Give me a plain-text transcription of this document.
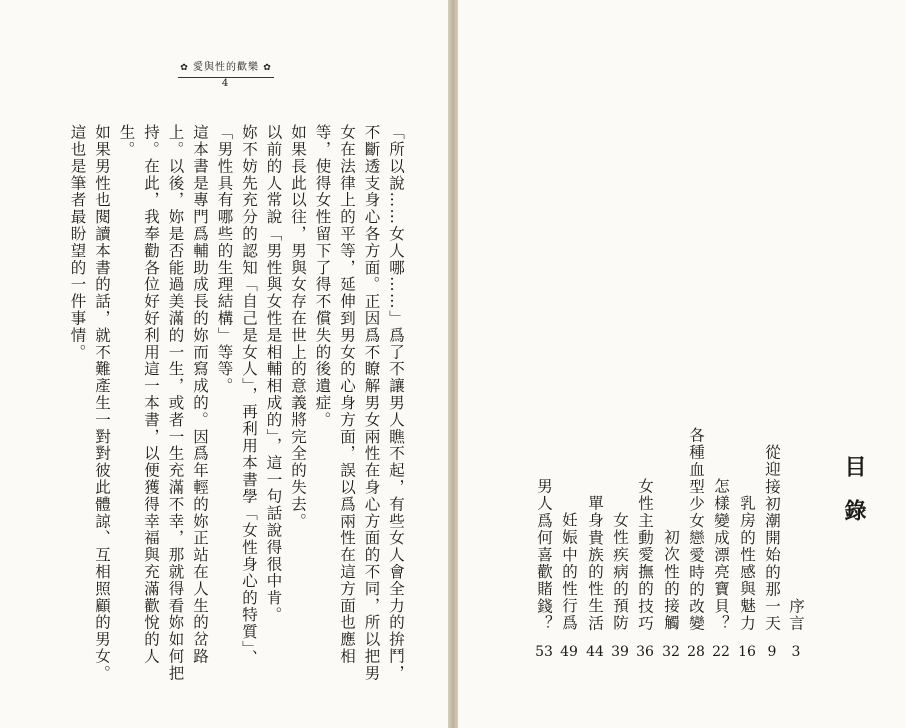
✿ 愛與性的歡樂 ✿
4

「所以說……女人哪……」爲了不讓男人瞧不起，有些女人會全力的拚鬥，不斷透支身心各方面。正因爲不瞭解男女兩性在身心方面的不同，所以把男女在法律上的平等，延伸到男女的心身方面，誤以爲兩性在這方面也應相等，使得女性留下了得不償失的後遺症。

如果長此以往，男與女存在世上的意義將完全的失去。

以前的人常說「男性與女性是相輔相成的」，這一句話說得很中肯。

妳不妨先充分的認知「自己是女人」，再利用本書學「女性身心的特質」、「男性具有哪些的生理結構」等等。

這本書是專門爲輔助成長的妳而寫成的。因爲年輕的妳正站在人生的岔路上。以後，妳是否能過美滿的一生，或者一生充滿不幸，那就得看妳如何把持。在此，我奉勸各位好好利用這一本書，以便獲得幸福與充滿歡悅的人生。

如果男性也閱讀本書的話，就不難產生一對對彼此體諒、互相照顧的男女。這也是筆者最盼望的一件事情。

目錄
序言
3
從迎接初潮開始的那一天
9
乳房的性感與魅力
16
怎樣變成漂亮寶貝？
22
各種血型少女戀愛時的改變
28
初次性的接觸
32
女性主動愛撫的技巧
36
女性疾病的預防
39
單身貴族的性生活
44
妊娠中的性行爲
49
男人爲何喜歡賭錢？
53
